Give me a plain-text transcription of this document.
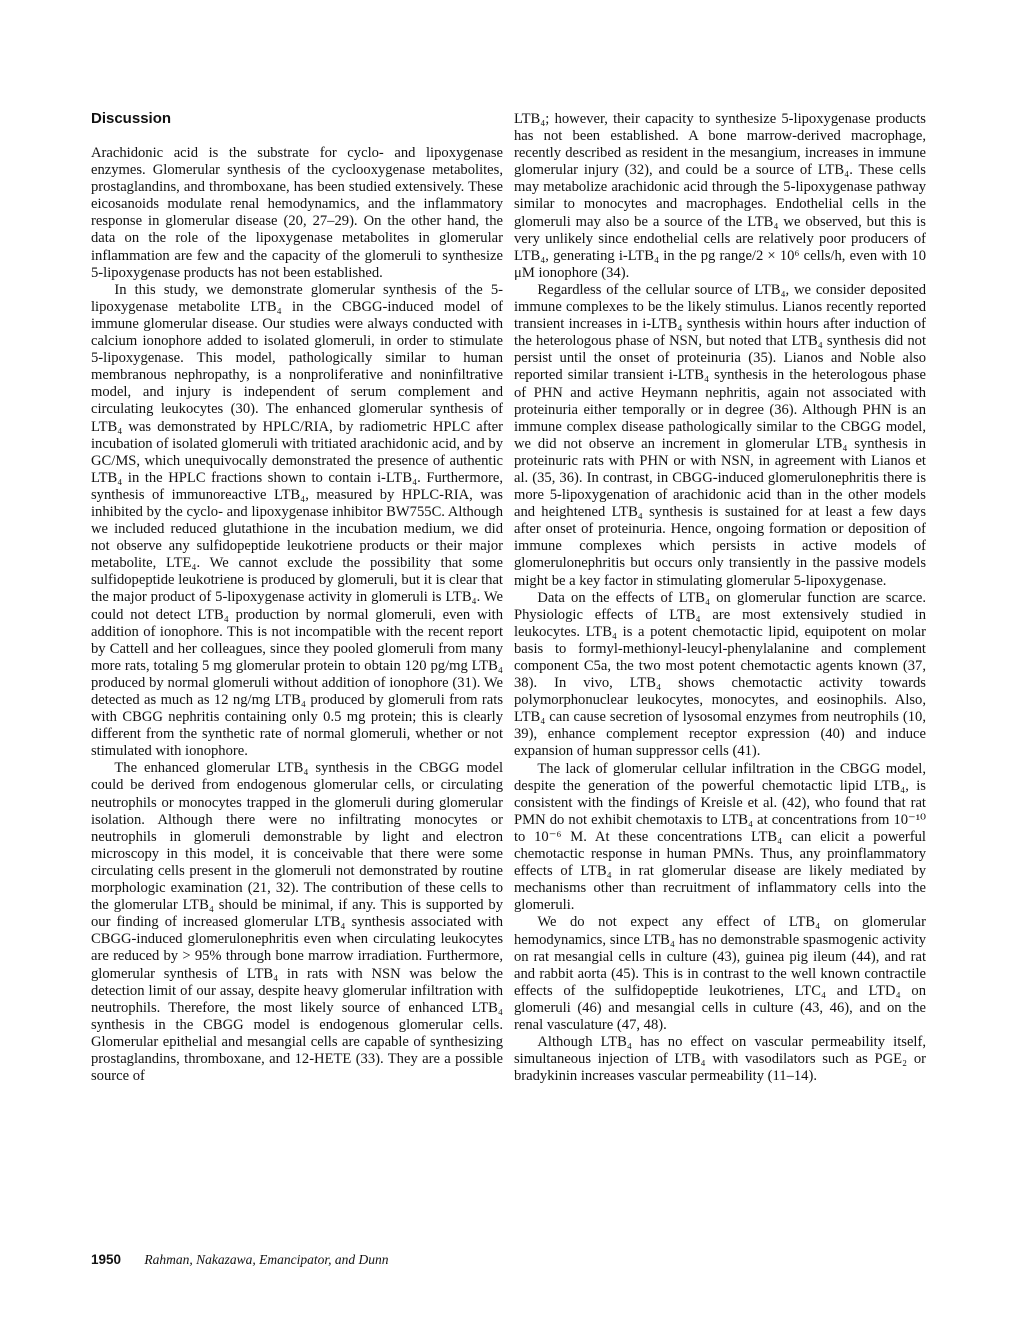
Discussion

Arachidonic acid is the substrate for cyclo- and lipoxygenase enzymes. Glomerular synthesis of the cyclooxygenase metabolites, prostaglandins, and thromboxane, has been studied extensively. These eicosanoids modulate renal hemodynamics, and the inflammatory response in glomerular disease (20, 27–29). On the other hand, the data on the role of the lipoxygenase metabolites in glomerular inflammation are few and the capacity of the glomeruli to synthesize 5-lipoxygenase products has not been established.

In this study, we demonstrate glomerular synthesis of the 5-lipoxygenase metabolite LTB₄ in the CBGG-induced model of immune glomerular disease. Our studies were always conducted with calcium ionophore added to isolated glomeruli, in order to stimulate 5-lipoxygenase. This model, pathologically similar to human membranous nephropathy, is a nonproliferative and noninfiltrative model, and injury is independent of serum complement and circulating leukocytes (30). The enhanced glomerular synthesis of LTB₄ was demonstrated by HPLC/RIA, by radiometric HPLC after incubation of isolated glomeruli with tritiated arachidonic acid, and by GC/MS, which unequivocally demonstrated the presence of authentic LTB₄ in the HPLC fractions shown to contain i-LTB₄. Furthermore, synthesis of immunoreactive LTB₄, measured by HPLC-RIA, was inhibited by the cyclo- and lipoxygenase inhibitor BW755C. Although we included reduced glutathione in the incubation medium, we did not observe any sulfidopeptide leukotriene products or their major metabolite, LTE₄. We cannot exclude the possibility that some sulfidopeptide leukotriene is produced by glomeruli, but it is clear that the major product of 5-lipoxygenase activity in glomeruli is LTB₄. We could not detect LTB₄ production by normal glomeruli, even with addition of ionophore. This is not incompatible with the recent report by Cattell and her colleagues, since they pooled glomeruli from many more rats, totaling 5 mg glomerular protein to obtain 120 pg/mg LTB₄ produced by normal glomeruli without addition of ionophore (31). We detected as much as 12 ng/mg LTB₄ produced by glomeruli from rats with CBGG nephritis containing only 0.5 mg protein; this is clearly different from the synthetic rate of normal glomeruli, whether or not stimulated with ionophore.

The enhanced glomerular LTB₄ synthesis in the CBGG model could be derived from endogenous glomerular cells, or circulating neutrophils or monocytes trapped in the glomeruli during glomerular isolation. Although there were no infiltrating monocytes or neutrophils in glomeruli demonstrable by light and electron microscopy in this model, it is conceivable that there were some circulating cells present in the glomeruli not demonstrated by routine morphologic examination (21, 32). The contribution of these cells to the glomerular LTB₄ should be minimal, if any. This is supported by our finding of increased glomerular LTB₄ synthesis associated with CBGG-induced glomerulonephritis even when circulating leukocytes are reduced by > 95% through bone marrow irradiation. Furthermore, glomerular synthesis of LTB₄ in rats with NSN was below the detection limit of our assay, despite heavy glomerular infiltration with neutrophils. Therefore, the most likely source of enhanced LTB₄ synthesis in the CBGG model is endogenous glomerular cells. Glomerular epithelial and mesangial cells are capable of synthesizing prostaglandins, thromboxane, and 12-HETE (33). They are a possible source of

LTB₄; however, their capacity to synthesize 5-lipoxygenase products has not been established. A bone marrow-derived macrophage, recently described as resident in the mesangium, increases in immune glomerular injury (32), and could be a source of LTB₄. These cells may metabolize arachidonic acid through the 5-lipoxygenase pathway similar to monocytes and macrophages. Endothelial cells in the glomeruli may also be a source of the LTB₄ we observed, but this is very unlikely since endothelial cells are relatively poor producers of LTB₄, generating i-LTB₄ in the pg range/2 × 10⁶ cells/h, even with 10 μM ionophore (34).

Regardless of the cellular source of LTB₄, we consider deposited immune complexes to be the likely stimulus. Lianos recently reported transient increases in i-LTB₄ synthesis within hours after induction of the heterologous phase of NSN, but noted that LTB₄ synthesis did not persist until the onset of proteinuria (35). Lianos and Noble also reported similar transient i-LTB₄ synthesis in the heterologous phase of PHN and active Heymann nephritis, again not associated with proteinuria either temporally or in degree (36). Although PHN is an immune complex disease pathologically similar to the CBGG model, we did not observe an increment in glomerular LTB₄ synthesis in proteinuric rats with PHN or with NSN, in agreement with Lianos et al. (35, 36). In contrast, in CBGG-induced glomerulonephritis there is more 5-lipoxygenation of arachidonic acid than in the other models and heightened LTB₄ synthesis is sustained for at least a few days after onset of proteinuria. Hence, ongoing formation or deposition of immune complexes which persists in active models of glomerulonephritis but occurs only transiently in the passive models might be a key factor in stimulating glomerular 5-lipoxygenase.

Data on the effects of LTB₄ on glomerular function are scarce. Physiologic effects of LTB₄ are most extensively studied in leukocytes. LTB₄ is a potent chemotactic lipid, equipotent on molar basis to formyl-methionyl-leucyl-phenylalanine and complement component C5a, the two most potent chemotactic agents known (37, 38). In vivo, LTB₄ shows chemotactic activity towards polymorphonuclear leukocytes, monocytes, and eosinophils. Also, LTB₄ can cause secretion of lysosomal enzymes from neutrophils (10, 39), enhance complement receptor expression (40) and induce expansion of human suppressor cells (41).

The lack of glomerular cellular infiltration in the CBGG model, despite the generation of the powerful chemotactic lipid LTB₄, is consistent with the findings of Kreisle et al. (42), who found that rat PMN do not exhibit chemotaxis to LTB₄ at concentrations from 10⁻¹⁰ to 10⁻⁶ M. At these concentrations LTB₄ can elicit a powerful chemotactic response in human PMNs. Thus, any proinflammatory effects of LTB₄ in rat glomerular disease are likely mediated by mechanisms other than recruitment of inflammatory cells into the glomeruli.

We do not expect any effect of LTB₄ on glomerular hemodynamics, since LTB₄ has no demonstrable spasmogenic activity on rat mesangial cells in culture (43), guinea pig ileum (44), and rat and rabbit aorta (45). This is in contrast to the well known contractile effects of the sulfidopeptide leukotrienes, LTC₄ and LTD₄ on glomeruli (46) and mesangial cells in culture (43, 46), and on the renal vasculature (47, 48).

Although LTB₄ has no effect on vascular permeability itself, simultaneous injection of LTB₄ with vasodilators such as PGE₂ or bradykinin increases vascular permeability (11–14).

1950 Rahman, Nakazawa, Emancipator, and Dunn
